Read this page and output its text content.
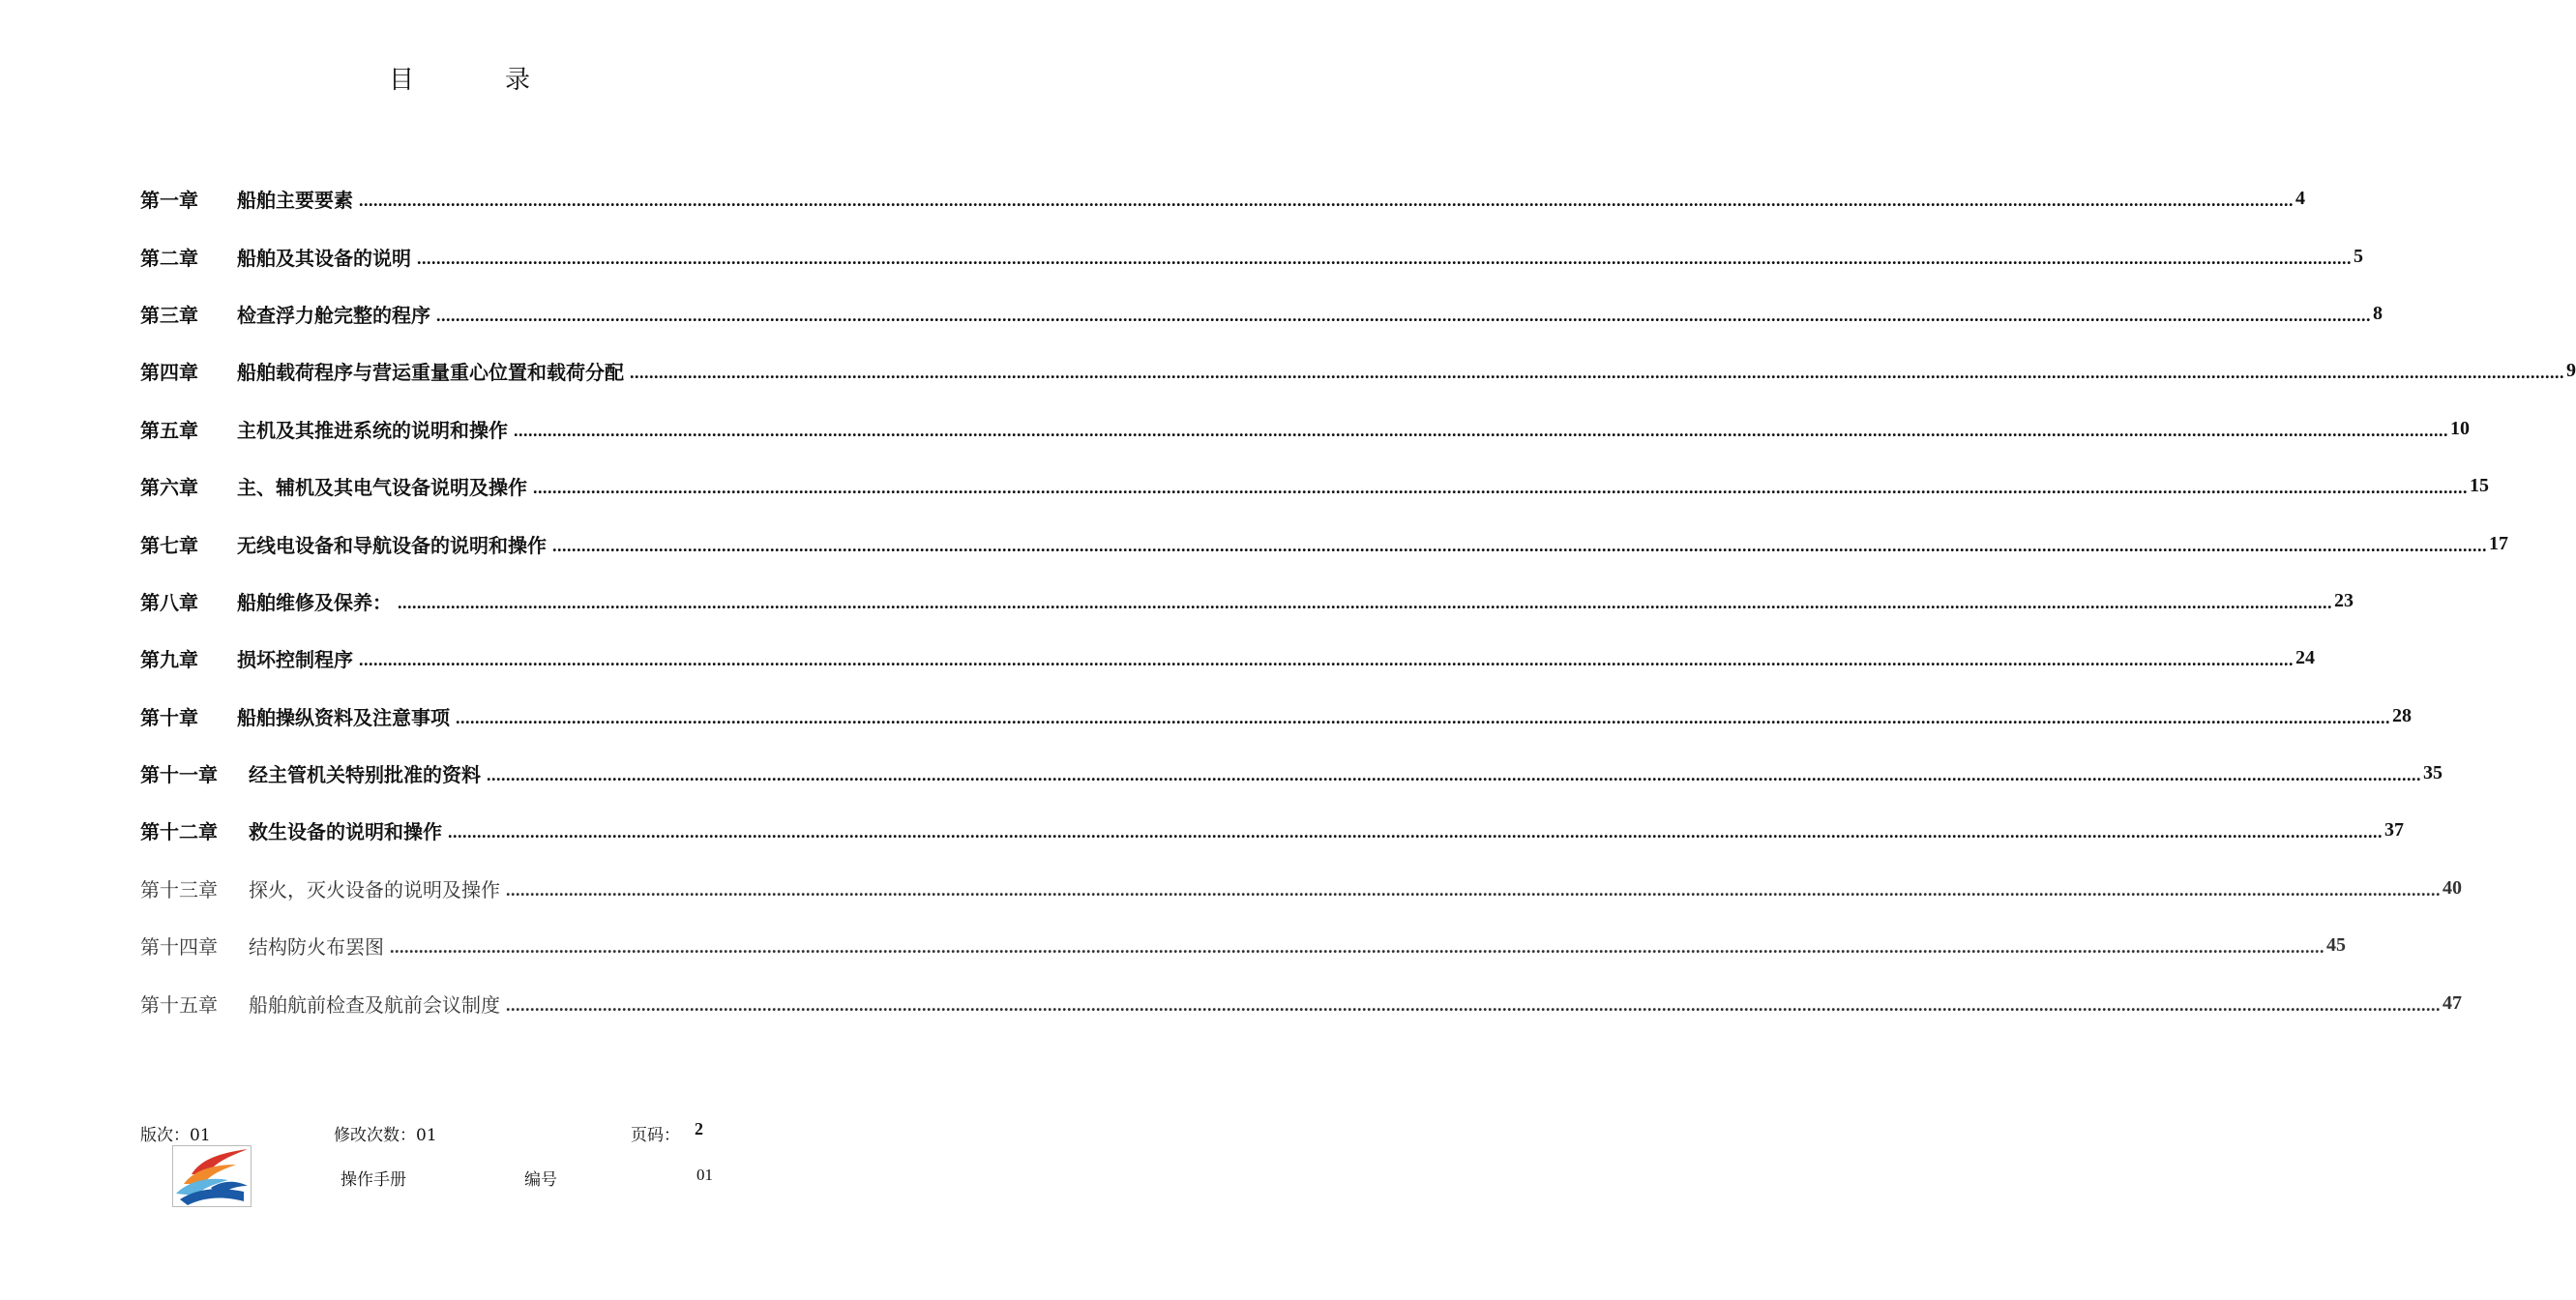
目　录
第一章	船舶主要要素 ................................................................................................................................................................................................................................................................................................................................................................................................................ 4
第二章	船舶及其设备的说明 ................................................................................................................................................................................................................................................................................................................................................................................................................ 5
第三章	检查浮力舱完整的程序 ................................................................................................................................................................................................................................................................................................................................................................................................................ 8
第四章	船舶载荷程序与营运重量重心位置和载荷分配 ................................................................................................................................................................................................................................................................................................................................................................................................................ 9
第五章	主机及其推进系统的说明和操作 ................................................................................................................................................................................................................................................................................................................................................................................................................ 10
第六章	主、辅机及其电气设备说明及操作 ................................................................................................................................................................................................................................................................................................................................................................................................................ 15
第七章	无线电设备和导航设备的说明和操作 ................................................................................................................................................................................................................................................................................................................................................................................................................ 17
第八章	船舶维修及保养： ................................................................................................................................................................................................................................................................................................................................................................................................................ 23
第九章	损坏控制程序 ................................................................................................................................................................................................................................................................................................................................................................................................................ 24
第十章	船舶操纵资料及注意事项 ................................................................................................................................................................................................................................................................................................................................................................................................................ 28
第十一章	经主管机关特别批准的资料 ................................................................................................................................................................................................................................................................................................................................................................................................................ 35
第十二章	救生设备的说明和操作 ................................................................................................................................................................................................................................................................................................................................................................................................................ 37
第十三章	探火，灭火设备的说明及操作 ................................................................................................................................................................................................................................................................................................................................................................................................................ 40
第十四章	结构防火布罢图 ................................................................................................................................................................................................................................................................................................................................................................................................................ 45
第十五章	船舶航前检查及航前会议制度 ................................................................................................................................................................................................................................................................................................................................................................................................................ 47
版次：01	修改次数：01	页码： 2
操作手册	编号	01
